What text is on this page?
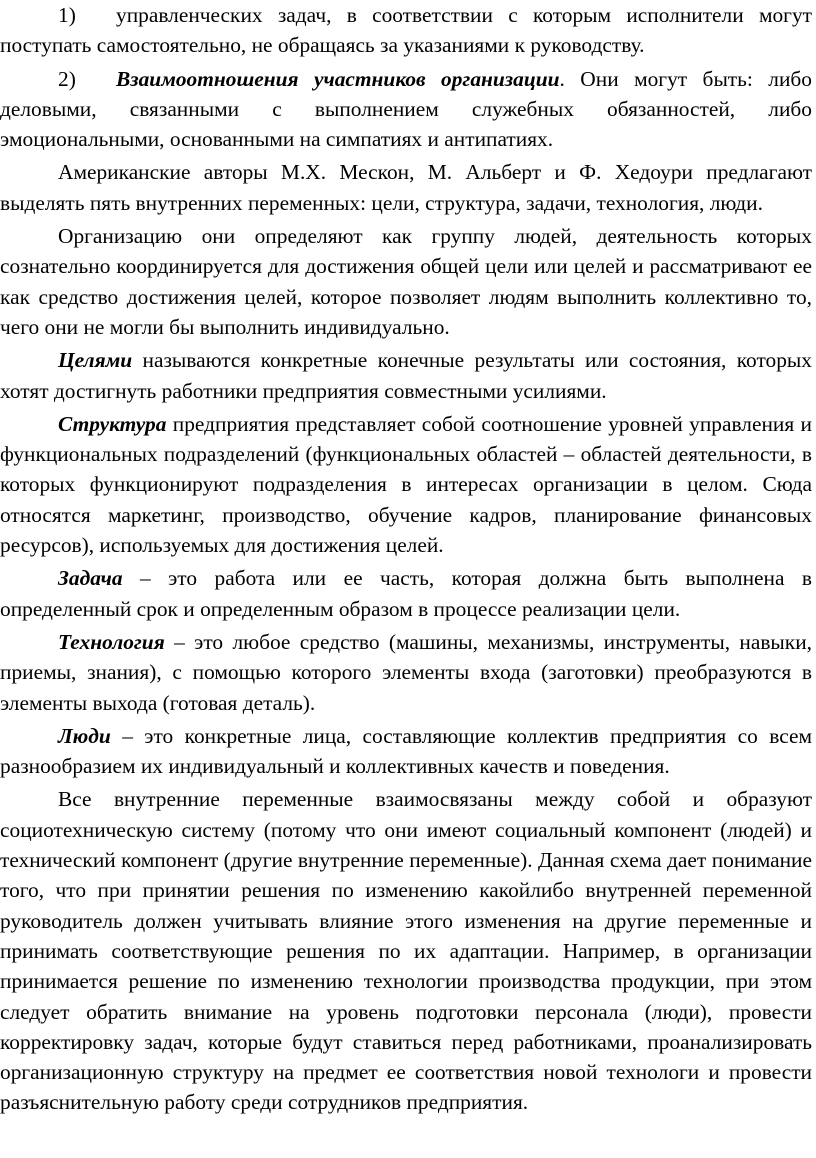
1) управленческих задач, в соответствии с которым исполнители могут поступать самостоятельно, не обращаясь за указаниями к руководству.

2) Взаимоотношения участников организации. Они могут быть: либо деловыми, связанными с выполнением служебных обязанностей, либо эмоциональными, основанными на симпатиях и антипатиях.

Американские авторы М.Х. Мескон, М. Альберт и Ф. Хедоури предлагают выделять пять внутренних переменных: цели, структура, задачи, технология, люди.

Организацию они определяют как группу людей, деятельность которых сознательно координируется для достижения общей цели или целей и рассматривают ее как средство достижения целей, которое позволяет людям выполнить коллективно то, чего они не могли бы выполнить индивидуально.

Целями называются конкретные конечные результаты или состояния, которых хотят достигнуть работники предприятия совместными усилиями.

Структура предприятия представляет собой соотношение уровней управления и функциональных подразделений (функциональных областей – областей деятельности, в которых функционируют подразделения в интересах организации в целом. Сюда относятся маркетинг, производство, обучение кадров, планирование финансовых ресурсов), используемых для достижения целей.

Задача – это работа или ее часть, которая должна быть выполнена в определенный срок и определенным образом в процессе реализации цели.

Технология – это любое средство (машины, механизмы, инструменты, навыки, приемы, знания), с помощью которого элементы входа (заготовки) преобразуются в элементы выхода (готовая деталь).

Люди – это конкретные лица, составляющие коллектив предприятия со всем разнообразием их индивидуальный и коллективных качеств и поведения.

Все внутренние переменные взаимосвязаны между собой и образуют социотехническую систему (потому что они имеют социальный компонент (людей) и технический компонент (другие внутренние переменные). Данная схема дает понимание того, что при принятии решения по изменению какойлибо внутренней переменной руководитель должен учитывать влияние этого изменения на другие переменные и принимать соответствующие решения по их адаптации. Например, в организации принимается решение по изменению технологии производства продукции, при этом следует обратить внимание на уровень подготовки персонала (люди), провести корректировку задач, которые будут ставиться перед работниками, проанализировать организационную структуру на предмет ее соответствия новой технологи и провести разъяснительную работу среди сотрудников предприятия.
